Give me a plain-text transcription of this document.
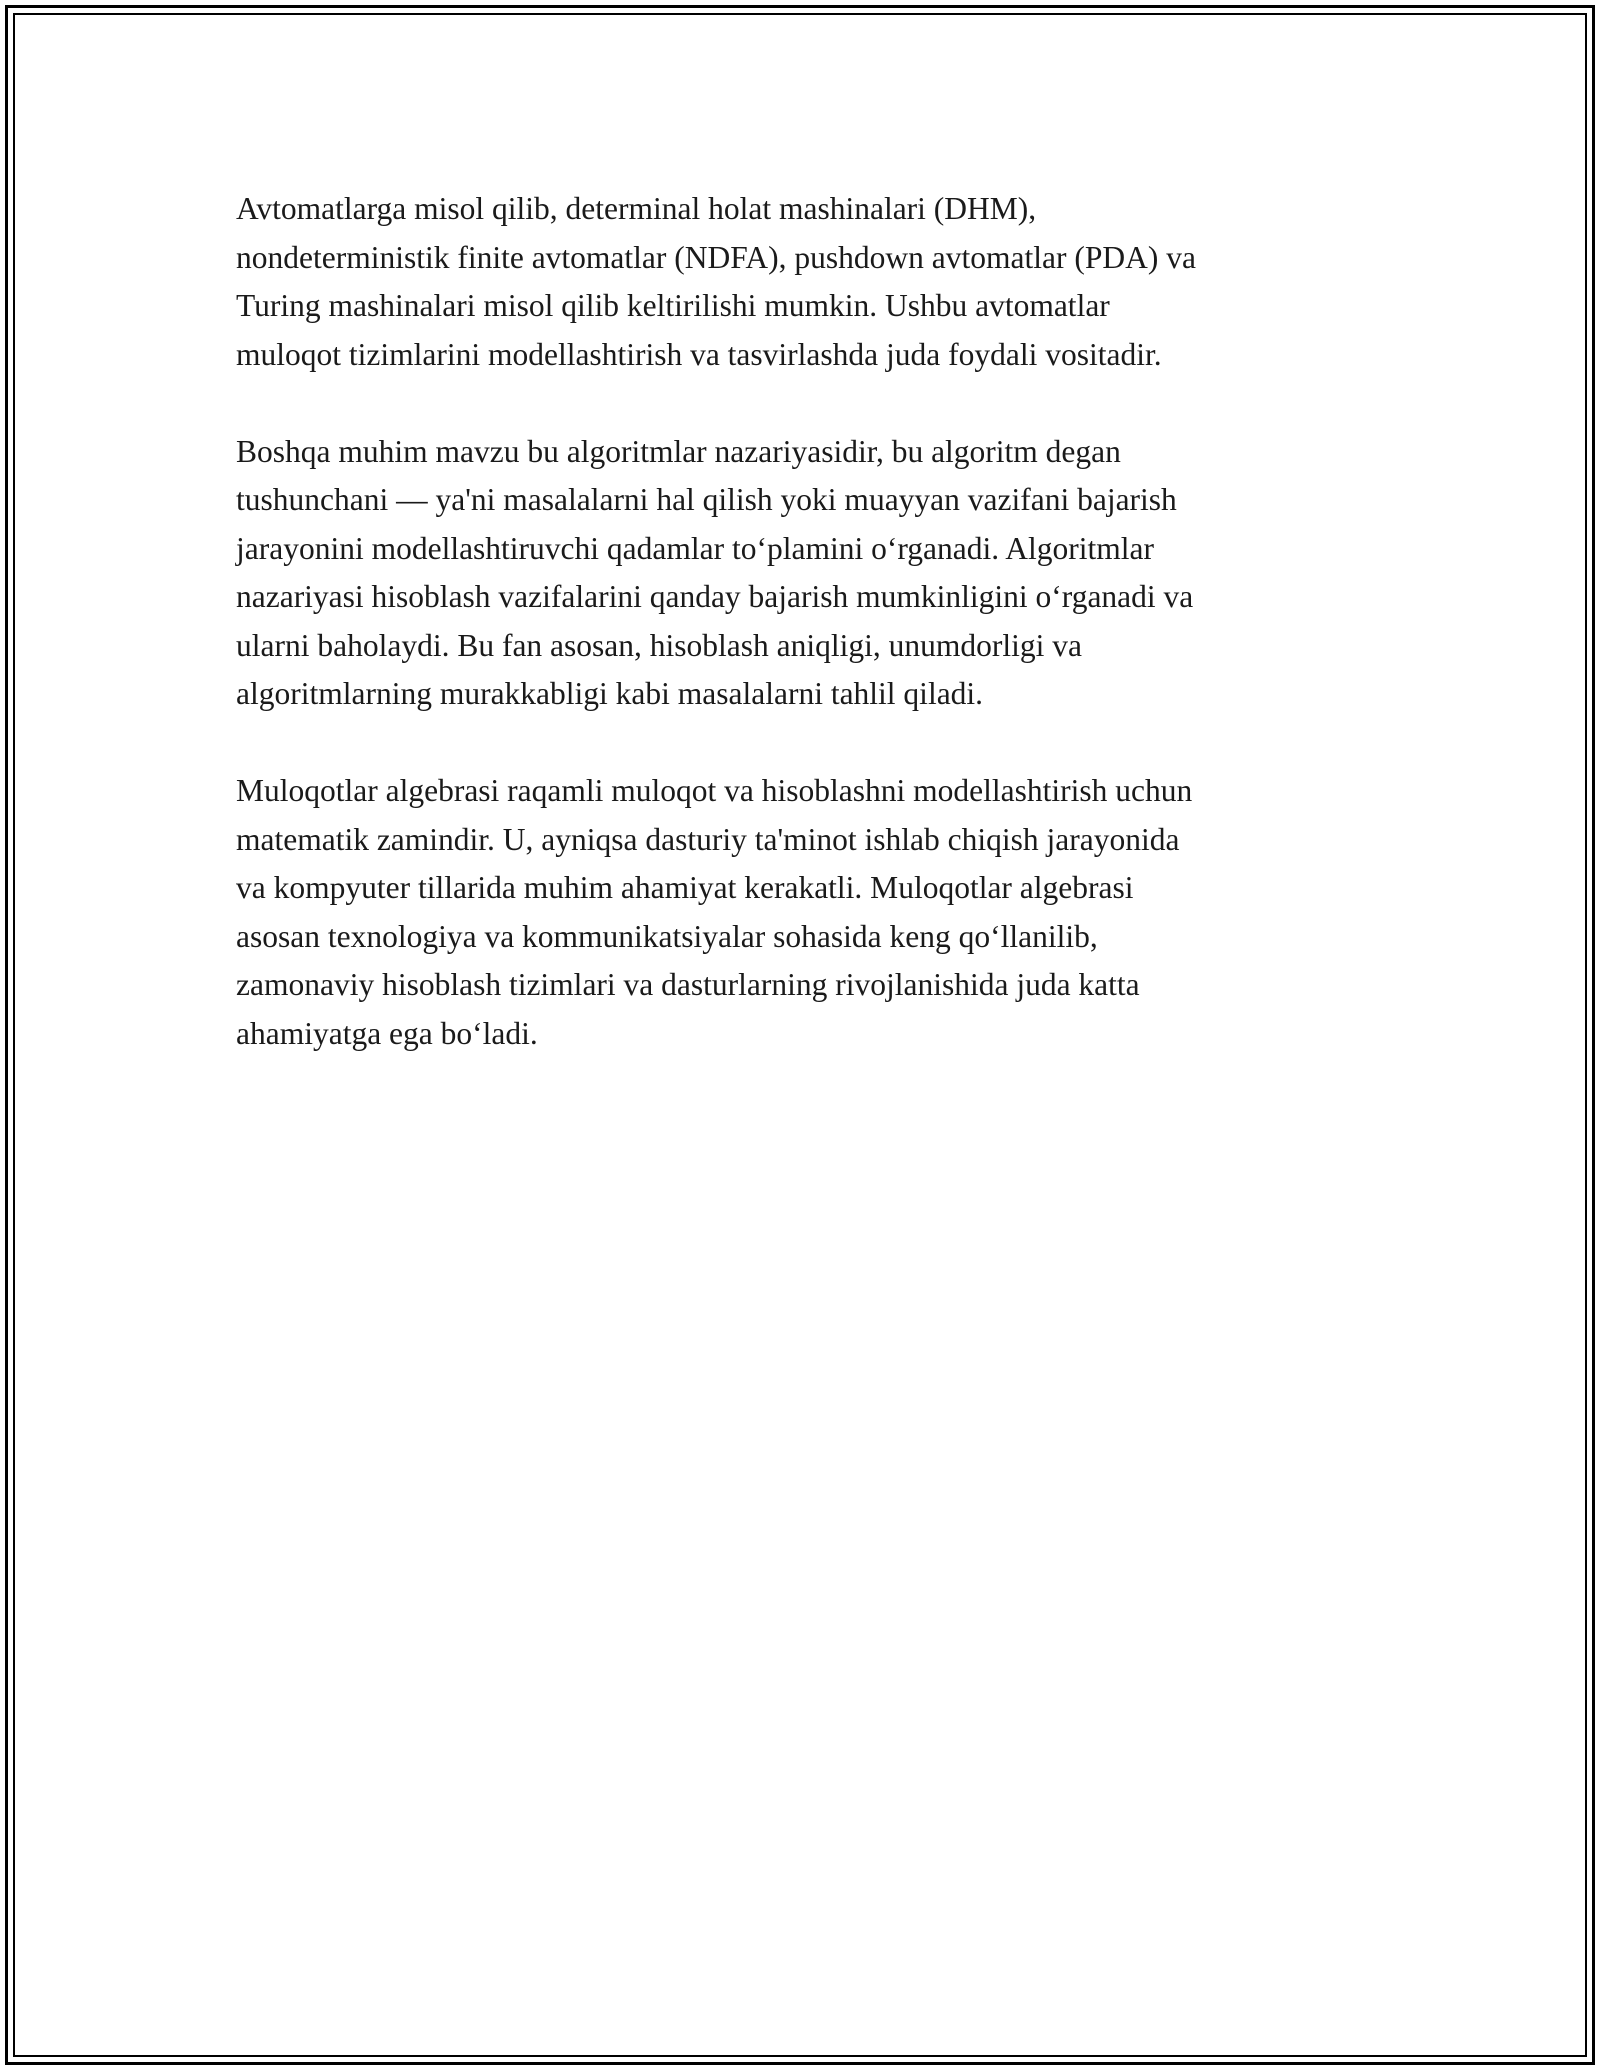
Avtomatlarga misol qilib, determinal holat mashinalari (DHM),
nondeterministik finite avtomatlar (NDFA), pushdown avtomatlar (PDA) va
Turing mashinalari misol qilib keltirilishi mumkin. Ushbu avtomatlar
muloqot tizimlarini modellashtirish va tasvirlashda juda foydali vositadir.

Boshqa muhim mavzu bu algoritmlar nazariyasidir, bu algoritm degan
tushunchani — ya'ni masalalarni hal qilish yoki muayyan vazifani bajarish
jarayonini modellashtiruvchi qadamlar to‘plamini o‘rganadi. Algoritmlar
nazariyasi hisoblash vazifalarini qanday bajarish mumkinligini o‘rganadi va
ularni baholaydi. Bu fan asosan, hisoblash aniqligi, unumdorligi va
algoritmlarning murakkabligi kabi masalalarni tahlil qiladi.

Muloqotlar algebrasi raqamli muloqot va hisoblashni modellashtirish uchun
matematik zamindir. U, ayniqsa dasturiy ta'minot ishlab chiqish jarayonida
va kompyuter tillarida muhim ahamiyat kerakatli. Muloqotlar algebrasi
asosan texnologiya va kommunikatsiyalar sohasida keng qo‘llanilib,
zamonaviy hisoblash tizimlari va dasturlarning rivojlanishida juda katta
ahamiyatga ega bo‘ladi.
